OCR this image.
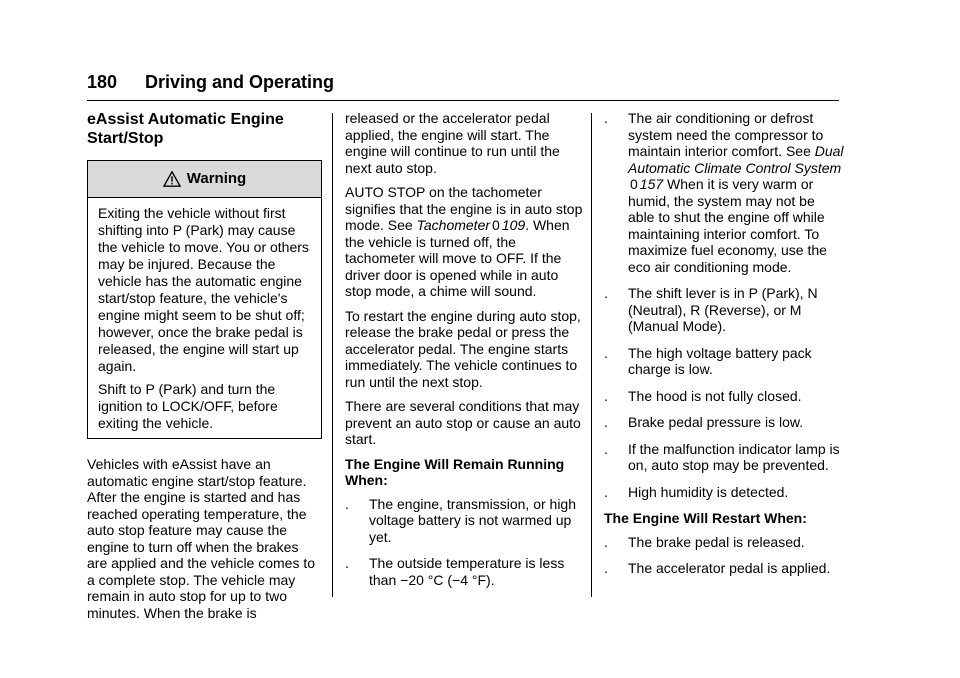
180 Driving and Operating
eAssist Automatic Engine Start/Stop
Warning
Exiting the vehicle without first shifting into P (Park) may cause the vehicle to move. You or others may be injured. Because the vehicle has the automatic engine start/stop feature, the vehicle's engine might seem to be shut off; however, once the brake pedal is released, the engine will start up again.
Shift to P (Park) and turn the ignition to LOCK/OFF, before exiting the vehicle.
Vehicles with eAssist have an automatic engine start/stop feature. After the engine is started and has reached operating temperature, the auto stop feature may cause the engine to turn off when the brakes are applied and the vehicle comes to a complete stop. The vehicle may remain in auto stop for up to two minutes. When the brake is
released or the accelerator pedal applied, the engine will start. The engine will continue to run until the next auto stop.
AUTO STOP on the tachometer signifies that the engine is in auto stop mode. See Tachometer 0 109. When the vehicle is turned off, the tachometer will move to OFF. If the driver door is opened while in auto stop mode, a chime will sound.
To restart the engine during auto stop, release the brake pedal or press the accelerator pedal. The engine starts immediately. The vehicle continues to run until the next stop.
There are several conditions that may prevent an auto stop or cause an auto start.
The Engine Will Remain Running When:
. The engine, transmission, or high voltage battery is not warmed up yet.
. The outside temperature is less than −20 °C (−4 °F).
. The air conditioning or defrost system need the compressor to maintain interior comfort. See Dual Automatic Climate Control System0 157 When it is very warm or humid, the system may not be able to shut the engine off while maintaining interior comfort. To maximize fuel economy, use the eco air conditioning mode.
. The shift lever is in P (Park), N (Neutral), R (Reverse), or M (Manual Mode).
. The high voltage battery pack charge is low.
. The hood is not fully closed.
. Brake pedal pressure is low.
. If the malfunction indicator lamp is on, auto stop may be prevented.
. High humidity is detected.
The Engine Will Restart When:
. The brake pedal is released.
. The accelerator pedal is applied.
